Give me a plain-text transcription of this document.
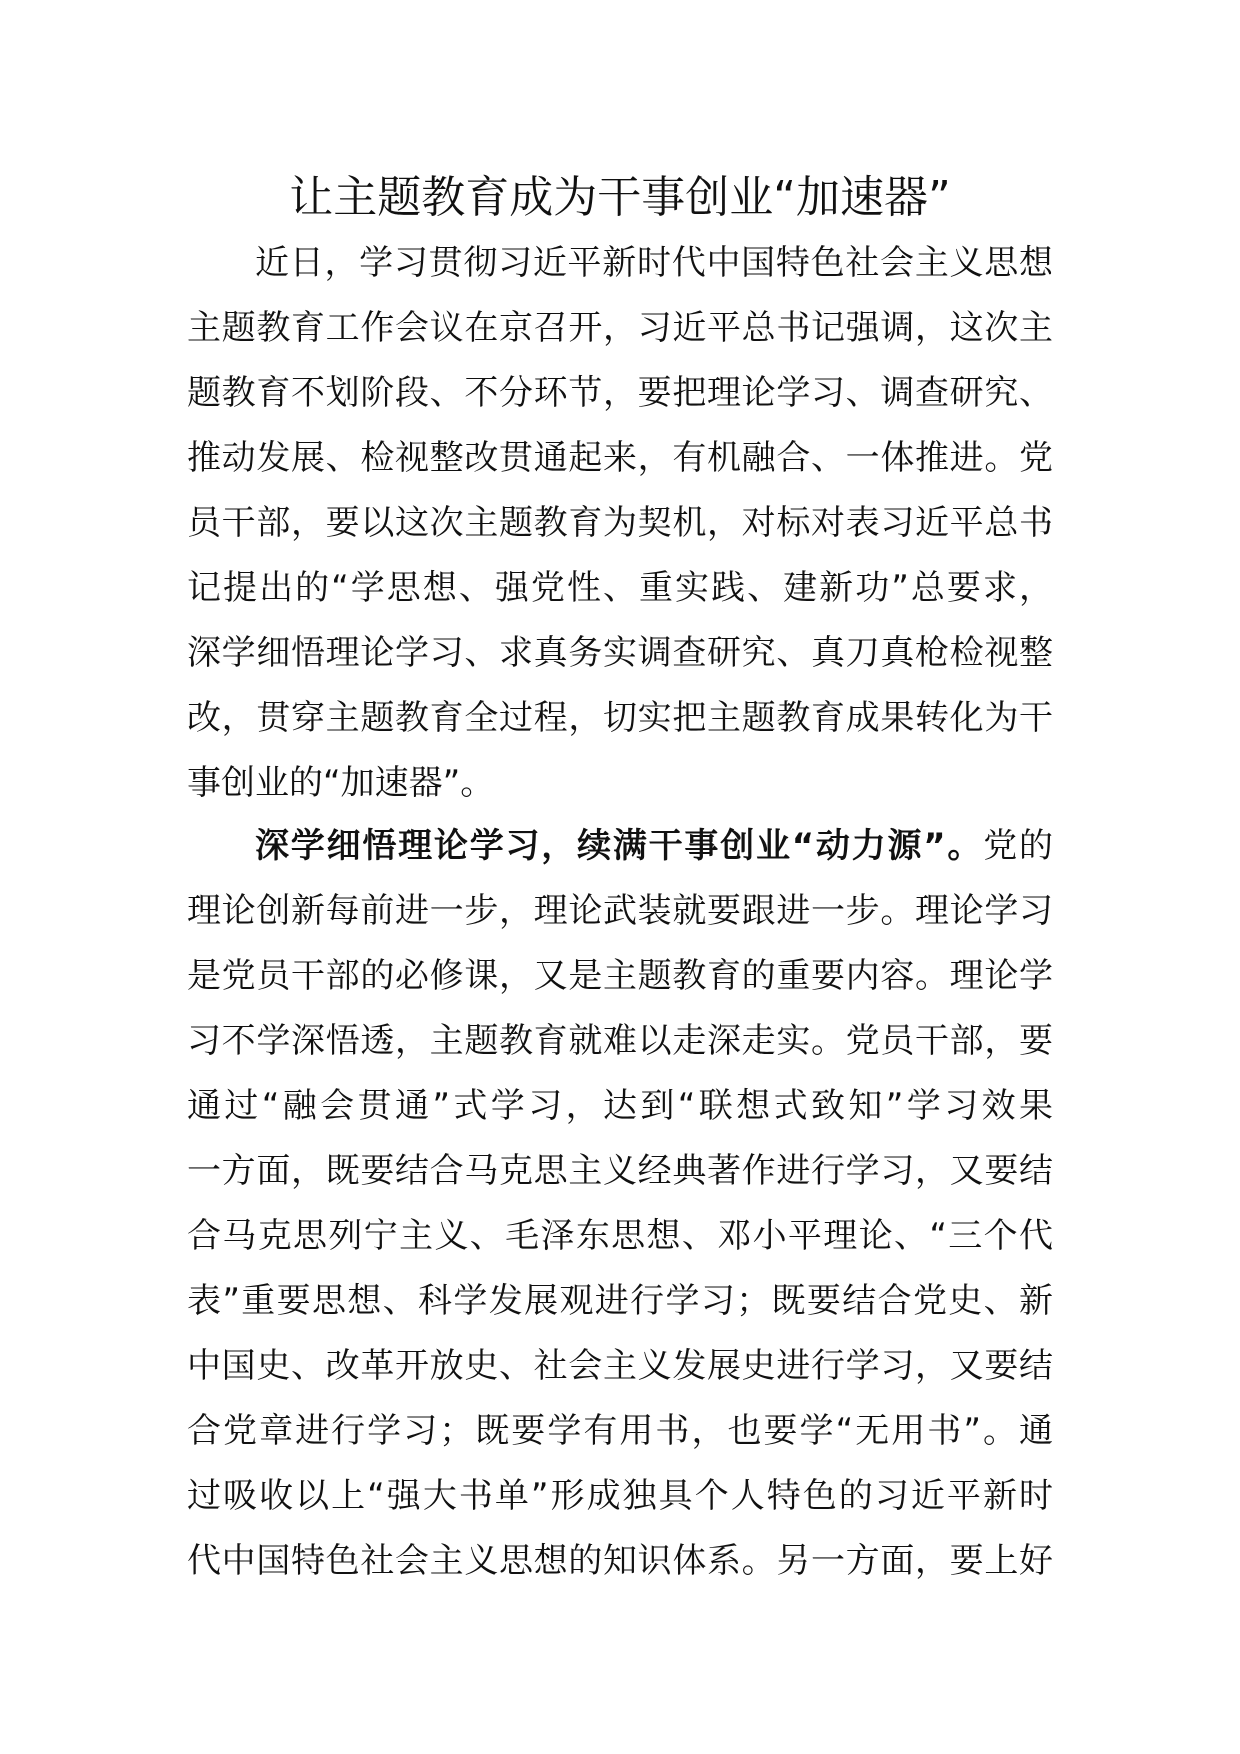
让主题教育成为干事创业“加速器”
近日，学习贯彻习近平新时代中国特色社会主义思想
主题教育工作会议在京召开，习近平总书记强调，这次主
题教育不划阶段、不分环节，要把理论学习、调查研究、
推动发展、检视整改贯通起来，有机融合、一体推进。党
员干部，要以这次主题教育为契机，对标对表习近平总书
记提出的“学思想、强党性、重实践、建新功”总要求，
深学细悟理论学习、求真务实调查研究、真刀真枪检视整
改，贯穿主题教育全过程，切实把主题教育成果转化为干
事创业的“加速器”。
深学细悟理论学习，续满干事创业“动力源”。党的
理论创新每前进一步，理论武装就要跟进一步。理论学习
是党员干部的必修课，又是主题教育的重要内容。理论学
习不学深悟透，主题教育就难以走深走实。党员干部，要
通过“融会贯通”式学习，达到“联想式致知”学习效果
一方面，既要结合马克思主义经典著作进行学习，又要结
合马克思列宁主义、毛泽东思想、邓小平理论、“三个代
表”重要思想、科学发展观进行学习；既要结合党史、新
中国史、改革开放史、社会主义发展史进行学习，又要结
合党章进行学习；既要学有用书，也要学“无用书”。通
过吸收以上“强大书单”形成独具个人特色的习近平新时
代中国特色社会主义思想的知识体系。另一方面，要上好
